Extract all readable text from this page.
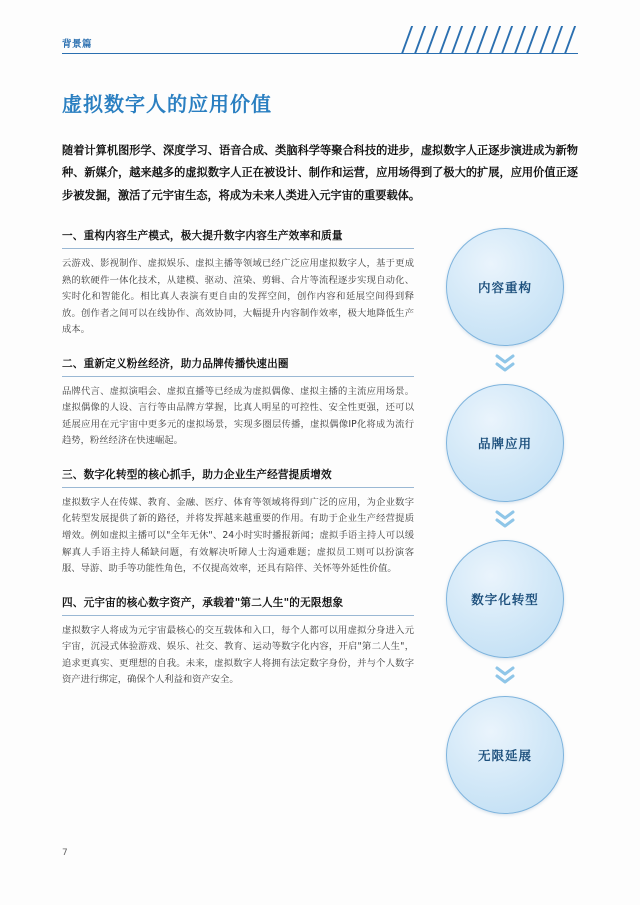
背景篇
虚拟数字人的应用价值
随着计算机图形学、深度学习、语音合成、类脑科学等聚合科技的进步，虚拟数字人正逐步演进成为新物种、新媒介，越来越多的虚拟数字人正在被设计、制作和运营，应用场得到了极大的扩展，应用价值正逐步被发掘，激活了元宇宙生态，将成为未来人类进入元宇宙的重要载体。
一、重构内容生产模式，极大提升数字内容生产效率和质量
云游戏、影视制作、虚拟娱乐、虚拟主播等领域已经广泛应用虚拟数字人，基于更成熟的软硬件一体化技术，从建模、驱动、渲染、剪辑、合片等流程逐步实现自动化、实时化和智能化。相比真人表演有更自由的发挥空间，创作内容和延展空间得到释放。创作者之间可以在线协作、高效协同，大幅提升内容制作效率，极大地降低生产成本。
二、重新定义粉丝经济，助力品牌传播快速出圈
品牌代言、虚拟演唱会、虚拟直播等已经成为虚拟偶像、虚拟主播的主流应用场景。虚拟偶像的人设、言行等由品牌方掌握，比真人明星的可控性、安全性更强，还可以延展应用在元宇宙中更多元的虚拟场景，实现多圈层传播，虚拟偶像IP化将成为流行趋势，粉丝经济在快速崛起。
三、数字化转型的核心抓手，助力企业生产经营提质增效
虚拟数字人在传媒、教育、金融、医疗、体育等领域将得到广泛的应用，为企业数字化转型发展提供了新的路径，并将发挥越来越重要的作用。有助于企业生产经营提质增效。例如虚拟主播可以"全年无休"、24小时实时播报新闻；虚拟手语主持人可以缓解真人手语主持人稀缺问题，有效解决听障人士沟通难题；虚拟员工则可以扮演客服、导游、助手等功能性角色，不仅提高效率，还具有陪伴、关怀等外延性价值。
四、元宇宙的核心数字资产，承载着"第二人生"的无限想象
虚拟数字人将成为元宇宙最核心的交互载体和入口，每个人都可以用虚拟分身进入元宇宙，沉浸式体验游戏、娱乐、社交、教育、运动等数字化内容，开启"第二人生"，追求更真实、更理想的自我。未来，虚拟数字人将拥有法定数字身份，并与个人数字资产进行绑定，确保个人利益和资产安全。
内容重构
品牌应用
数字化转型
无限延展
7
